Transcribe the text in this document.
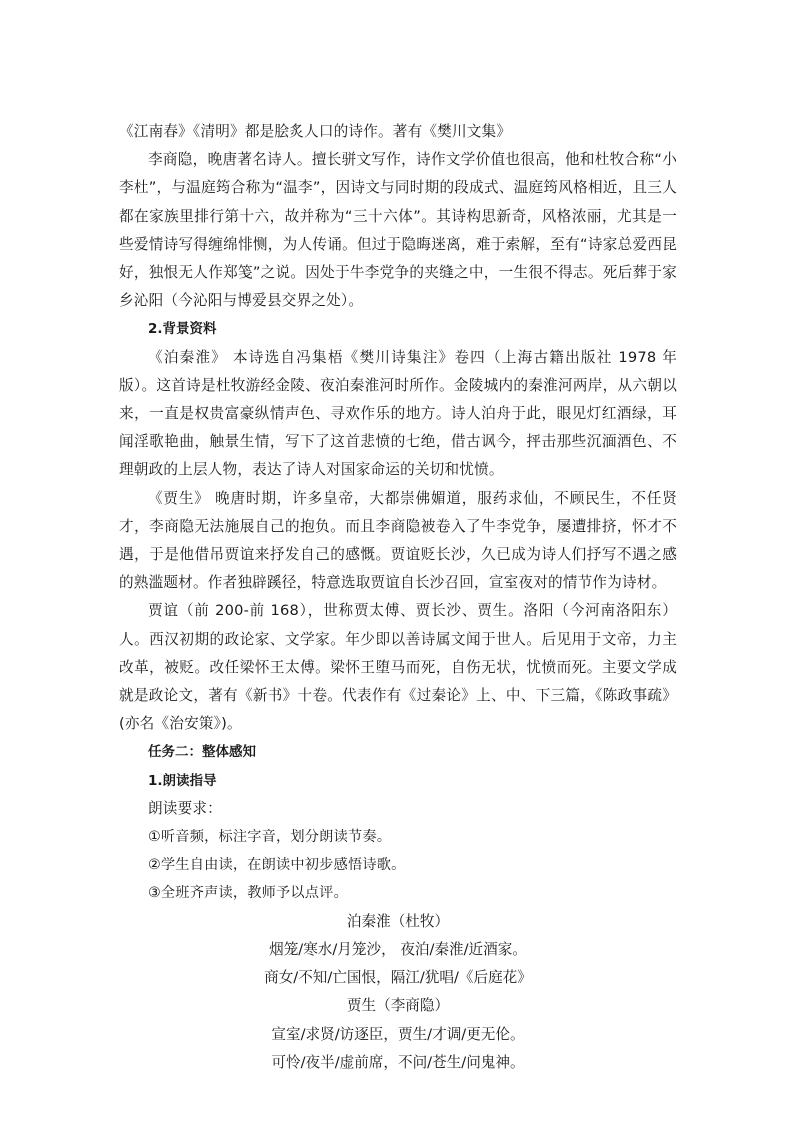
《江南春》《清明》都是脍炙人口的诗作。著有《樊川文集》

李商隐，晚唐著名诗人。擅长骈文写作，诗作文学价值也很高，他和杜牧合称“小李杜”，与温庭筠合称为“温李”，因诗文与同时期的段成式、温庭筠风格相近，且三人都在家族里排行第十六，故并称为“三十六体”。其诗构思新奇，风格浓丽，尤其是一些爱情诗写得缠绵悱恻，为人传诵。但过于隐晦迷离，难于索解，至有“诗家总爱西昆好，独恨无人作郑笺”之说。因处于牛李党争的夹缝之中，一生很不得志。死后葬于家乡沁阳（今沁阳与博爱县交界之处）。

2.背景资料

《泊秦淮》 本诗选自冯集梧《樊川诗集注》卷四（上海古籍出版社 1978 年版）。这首诗是杜牧游经金陵、夜泊秦淮河时所作。金陵城内的秦淮河两岸，从六朝以来，一直是权贵富豪纵情声色、寻欢作乐的地方。诗人泊舟于此，眼见灯红酒绿，耳闻淫歌艳曲，触景生情，写下了这首悲愤的七绝，借古讽今，抨击那些沉湎酒色、不理朝政的上层人物，表达了诗人对国家命运的关切和忧愤。

《贾生》 晚唐时期，许多皇帝，大都崇佛媚道，服药求仙，不顾民生，不任贤才，李商隐无法施展自己的抱负。而且李商隐被卷入了牛李党争，屡遭排挤，怀才不遇，于是他借吊贾谊来抒发自己的感慨。贾谊贬长沙，久已成为诗人们抒写不遇之感的熟滥题材。作者独辟蹊径，特意选取贾谊自长沙召回，宣室夜对的情节作为诗材。

贾谊（前 200-前 168），世称贾太傅、贾长沙、贾生。洛阳（今河南洛阳东）人。西汉初期的政论家、文学家。年少即以善诗属文闻于世人。后见用于文帝，力主改革，被贬。改任梁怀王太傅。梁怀王堕马而死，自伤无状，忧愤而死。主要文学成就是政论文，著有《新书》十卷。代表作有《过秦论》上、中、下三篇，《陈政事疏》(亦名《治安策》)。

任务二：整体感知

1.朗读指导

朗读要求：

①听音频，标注字音，划分朗读节奏。

②学生自由读，在朗读中初步感悟诗歌。

③全班齐声读，教师予以点评。

泊秦淮（杜牧）

烟笼/寒水/月笼沙， 夜泊/秦淮/近酒家。

商女/不知/亡国恨，隔江/犹唱/《后庭花》

贾生（李商隐）

宣室/求贤/访逐臣，贾生/才调/更无伦。

可怜/夜半/虚前席，不问/苍生/问鬼神。
